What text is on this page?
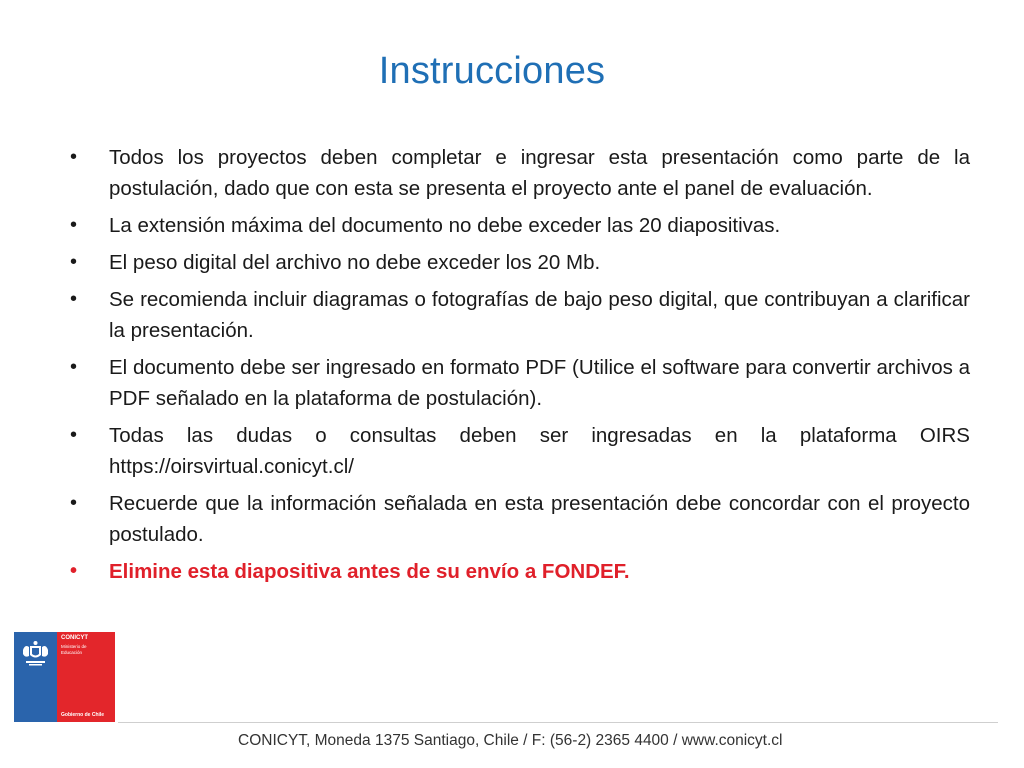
Instrucciones
• Todos los proyectos deben completar e ingresar esta presentación como parte de la postulación, dado que con esta se presenta el proyecto ante el panel de evaluación.
• La extensión máxima del documento no debe exceder las 20 diapositivas.
• El peso digital del archivo no debe exceder los 20 Mb.
• Se recomienda incluir diagramas o fotografías de bajo peso digital, que contribuyan a clarificar la presentación.
• El documento debe ser ingresado en formato PDF (Utilice el software para convertir archivos a PDF señalado en la plataforma de postulación).
• Todas las dudas o consultas deben ser ingresadas en la plataforma OIRS https://oirsvirtual.conicyt.cl/
• Recuerde que la información señalada en esta presentación debe concordar con el proyecto postulado.
• Elimine esta diapositiva antes de su envío a FONDEF.
CONICYT
Ministerio de
Educación
Gobierno de Chile
CONICYT, Moneda 1375 Santiago, Chile / F: (56-2) 2365 4400 / www.conicyt.cl
